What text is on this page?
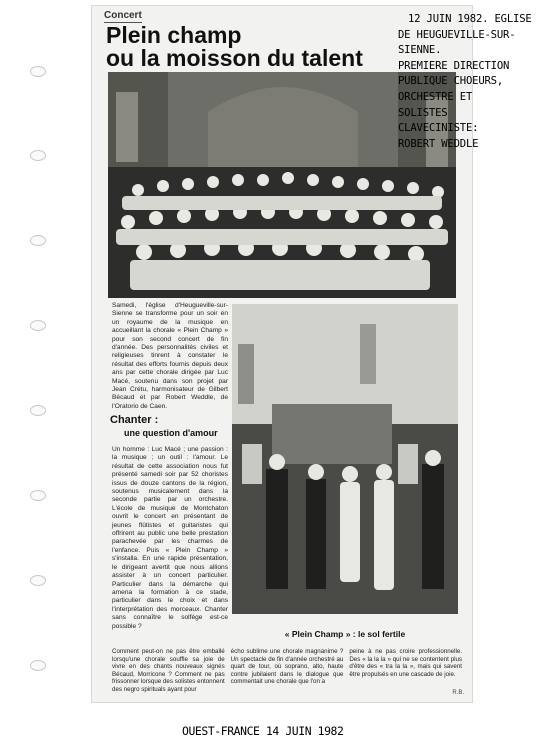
Concert
Plein champ
ou la moisson du talent
Samedi, l'église d'Heugueville-sur-Sienne se transforme pour un soir en un royaume de la musique en accueillant la chorale « Plein Champ » pour son second concert de fin d'année. Des personnalités civiles et religieuses tinrent à constater le résultat des efforts fournis depuis deux ans par cette chorale dirigée par Luc Macé, soutenu dans son projet par Jean Crétu, harmonisateur de Gilbert Bécaud et par Robert Weddle, de l'Oratorio de Caen.
Chanter :
une question d'amour
Un homme : Luc Macé ; une passion : la musique ; un outil : l'amour. Le résultat de cette association nous fut présenté samedi soir par 52 choristes issus de douze cantons de la région, soutenus musicalement dans la seconde partie par un orchestre. L'école de musique de Montchaton ouvrit le concert en présentant de jeunes flûtistes et guitaristes qui offrirent au public une belle prestation parachevée par les charmes de l'enfance. Puis « Plein Champ » s'installa. En une rapide présentation, le dirigeant avertit que nous allions assister à un concert particulier. Particulier dans la démarche qui amena la formation à ce stade, particulier dans le choix et dans l'interprétation des morceaux. Chanter sans connaître le solfège est-ce possible ?
« Plein Champ » : le sol fertile
Comment peut-on ne pas être emballé lorsqu'une chorale souffle sa joie de vivre en des chants nouveaux signés Bécaud, Morricone ? Comment ne pas frissonner lorsque des solistes entonnent des negro spirituals ayant pour
écho sublime une chorale magnanime ? Un spectacle de fin d'année orchestré au quart de tour, où soprano, alto, haute contre jubilaient dans le dialogue que commentait une chorale que l'on a
peine à ne pas croire professionnelle. Des « la la la » qui ne se contentent plus d'être des « tra la la », mais qui savent être propulsés en une cascade de joie.
R.B.
12 JUIN 1982. EGLISE
DE HEUGUEVILLE-SUR-
SIENNE.
PREMIERE DIRECTION
PUBLIQUE CHOEURS,
ORCHESTRE ET
SOLISTES
CLAVECINISTE:
ROBERT WEDDLE
OUEST-FRANCE 14 JUIN 1982
